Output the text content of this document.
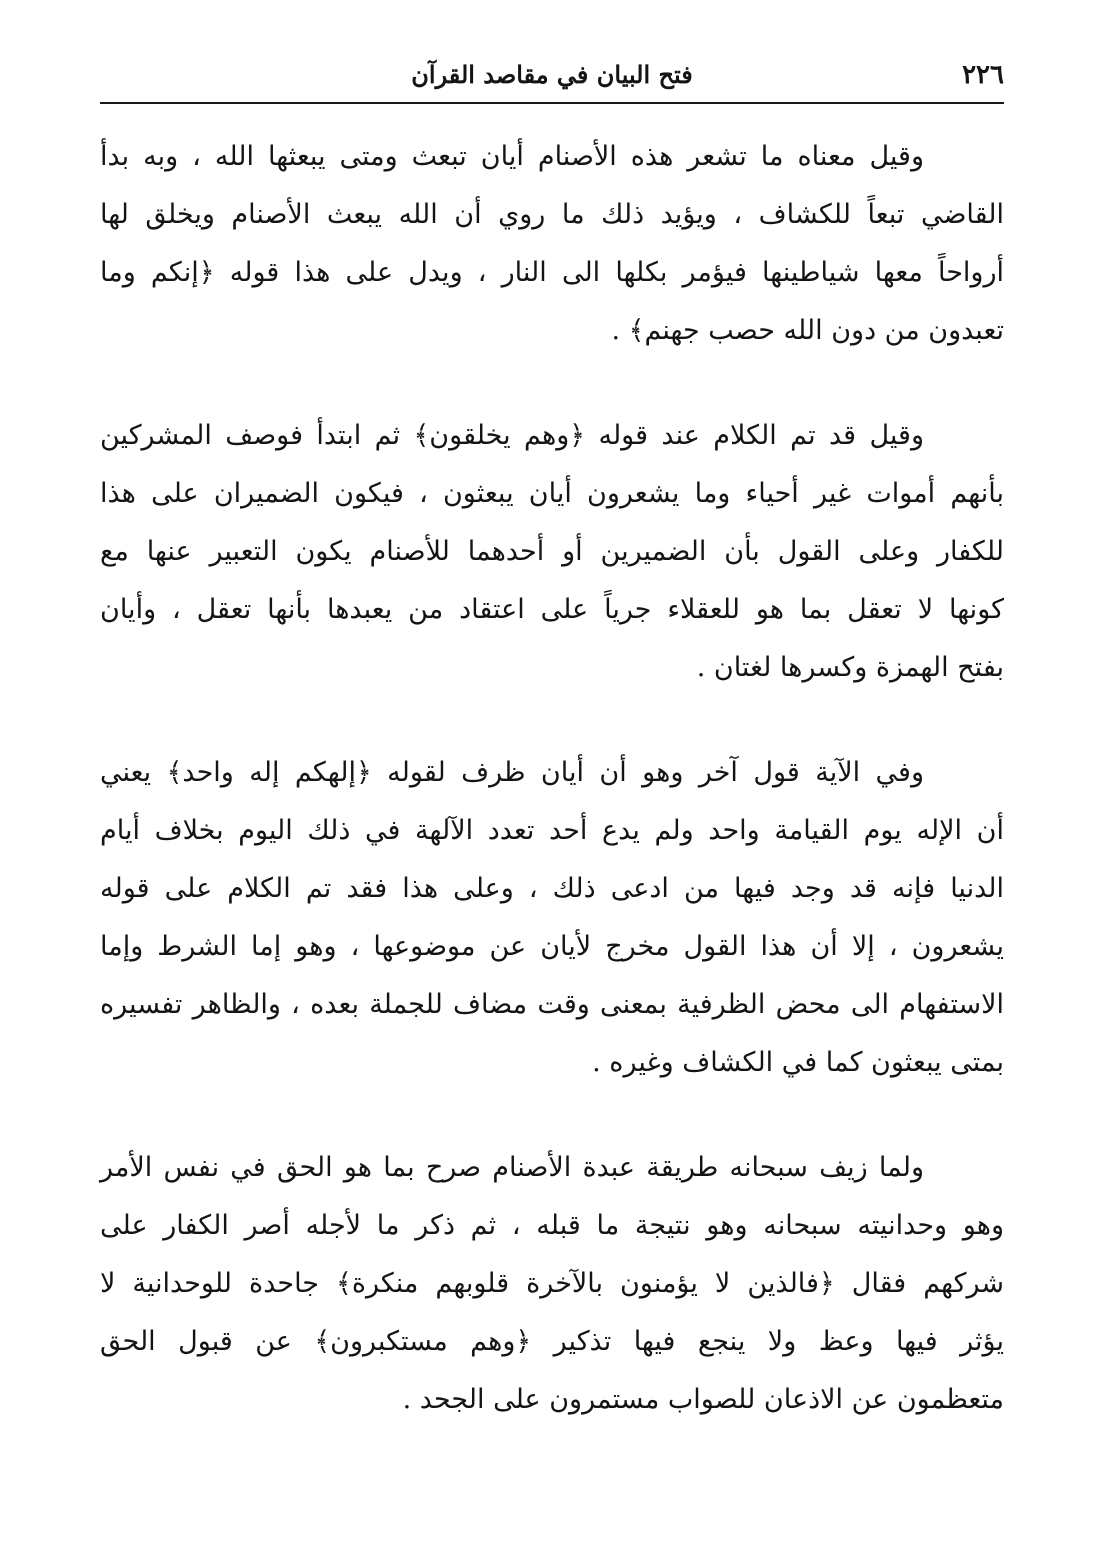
٢٢٦
فتح البيان في مقاصد القرآن
وقيل معناه ما تشعر هذه الأصنام أيان تبعث ومتى يبعثها الله ، وبه بدأ
القاضي تبعاً للكشاف ، ويؤيد ذلك ما روي أن الله يبعث الأصنام ويخلق لها
أرواحاً معها شياطينها فيؤمر بكلها الى النار ، ويدل على هذا قوله ﴿إنكم وما
تعبدون من دون الله حصب جهنم﴾ .
وقيل قد تم الكلام عند قوله ﴿وهم يخلقون﴾ ثم ابتدأ فوصف المشركين
بأنهم أموات غير أحياء وما يشعرون أيان يبعثون ، فيكون الضميران على هذا
للكفار وعلى القول بأن الضميرين أو أحدهما للأصنام يكون التعبير عنها مع
كونها لا تعقل بما هو للعقلاء جرياً على اعتقاد من يعبدها بأنها تعقل ، وأيان
بفتح الهمزة وكسرها لغتان .
وفي الآية قول آخر وهو أن أيان ظرف لقوله ﴿إلهكم إله واحد﴾ يعني
أن الإله يوم القيامة واحد ولم يدع أحد تعدد الآلهة في ذلك اليوم بخلاف أيام
الدنيا فإنه قد وجد فيها من ادعى ذلك ، وعلى هذا فقد تم الكلام على قوله
يشعرون ، إلا أن هذا القول مخرج لأيان عن موضوعها ، وهو إما الشرط وإما
الاستفهام الى محض الظرفية بمعنى وقت مضاف للجملة بعده ، والظاهر تفسيره
بمتى يبعثون كما في الكشاف وغيره .
ولما زيف سبحانه طريقة عبدة الأصنام صرح بما هو الحق في نفس الأمر
وهو وحدانيته سبحانه وهو نتيجة ما قبله ، ثم ذكر ما لأجله أصر الكفار على
شركهم فقال ﴿فالذين لا يؤمنون بالآخرة قلوبهم منكرة﴾ جاحدة للوحدانية لا
يؤثر فيها وعظ ولا ينجع فيها تذكير ﴿وهم مستكبرون﴾ عن قبول الحق
متعظمون عن الاذعان للصواب مستمرون على الجحد .
